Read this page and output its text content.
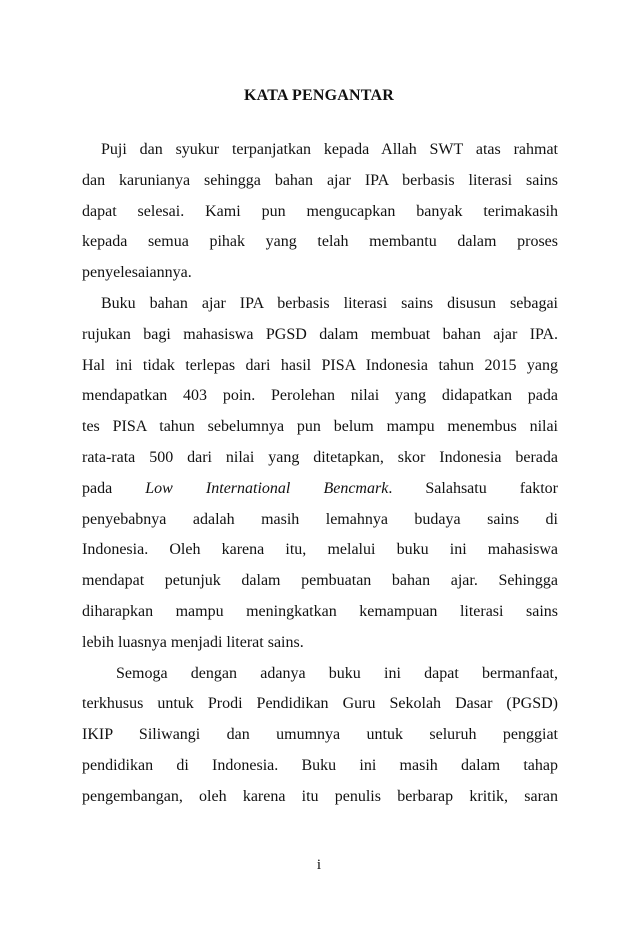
KATA PENGANTAR
Puji dan syukur terpanjatkan kepada Allah SWT atas rahmat
dan karunianya sehingga bahan ajar IPA berbasis literasi sains
dapat selesai. Kami pun mengucapkan banyak terimakasih
kepada semua pihak yang telah membantu dalam proses
penyelesaiannya.
Buku bahan ajar IPA berbasis literasi sains disusun sebagai
rujukan bagi mahasiswa PGSD dalam membuat bahan ajar IPA.
Hal ini tidak terlepas dari hasil PISA Indonesia tahun 2015 yang
mendapatkan 403 poin. Perolehan nilai yang didapatkan pada
tes PISA tahun sebelumnya pun belum mampu menembus nilai
rata-rata 500 dari nilai yang ditetapkan, skor Indonesia berada
pada Low International Bencmark. Salahsatu faktor
penyebabnya adalah masih lemahnya budaya sains di
Indonesia. Oleh karena itu, melalui buku ini mahasiswa
mendapat petunjuk dalam pembuatan bahan ajar. Sehingga
diharapkan mampu meningkatkan kemampuan literasi sains
lebih luasnya menjadi literat sains.
Semoga dengan adanya buku ini dapat bermanfaat,
terkhusus untuk Prodi Pendidikan Guru Sekolah Dasar (PGSD)
IKIP Siliwangi dan umumnya untuk seluruh penggiat
pendidikan di Indonesia. Buku ini masih dalam tahap
pengembangan, oleh karena itu penulis berbarap kritik, saran
i
